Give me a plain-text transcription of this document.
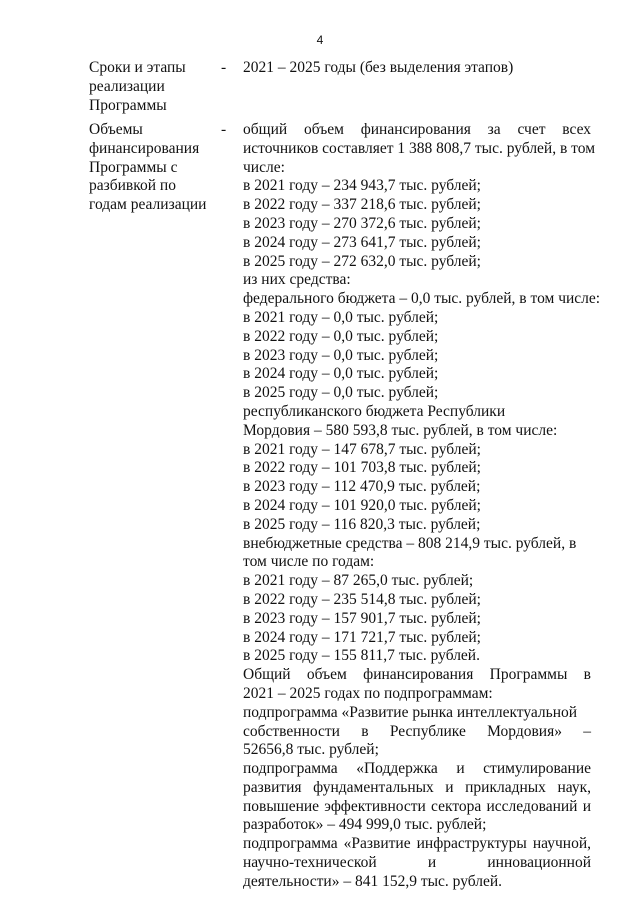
4
Сроки и этапы
реализации
Программы
- 2021 – 2025 годы (без выделения этапов)
Объемы
финансирования
Программы с
разбивкой по
годам реализации
- общий объем финансирования за счет всех
источников составляет 1 388 808,7 тыс. рублей, в том
числе:
в 2021 году – 234 943,7 тыс. рублей;
в 2022 году – 337 218,6 тыс. рублей;
в 2023 году – 270 372,6 тыс. рублей;
в 2024 году – 273 641,7 тыс. рублей;
в 2025 году – 272 632,0 тыс. рублей;
из них средства:
федерального бюджета – 0,0 тыс. рублей, в том числе:
в 2021 году – 0,0 тыс. рублей;
в 2022 году – 0,0 тыс. рублей;
в 2023 году – 0,0 тыс. рублей;
в 2024 году – 0,0 тыс. рублей;
в 2025 году – 0,0 тыс. рублей;
республиканского бюджета Республики
Мордовия – 580 593,8 тыс. рублей, в том числе:
в 2021 году – 147 678,7 тыс. рублей;
в 2022 году – 101 703,8 тыс. рублей;
в 2023 году – 112 470,9 тыс. рублей;
в 2024 году – 101 920,0 тыс. рублей;
в 2025 году – 116 820,3 тыс. рублей;
внебюджетные средства – 808 214,9 тыс. рублей, в
том числе по годам:
в 2021 году – 87 265,0 тыс. рублей;
в 2022 году – 235 514,8 тыс. рублей;
в 2023 году – 157 901,7 тыс. рублей;
в 2024 году – 171 721,7 тыс. рублей;
в 2025 году – 155 811,7 тыс. рублей.
Общий объем финансирования Программы в
2021 – 2025 годах по подпрограммам:
подпрограмма «Развитие рынка интеллектуальной
собственности в Республике Мордовия» –
52656,8 тыс. рублей;
подпрограмма «Поддержка и стимулирование
развития фундаментальных и прикладных наук,
повышение эффективности сектора исследований и
разработок» – 494 999,0 тыс. рублей;
подпрограмма «Развитие инфраструктуры научной,
научно-технической и инновационной
деятельности» – 841 152,9 тыс. рублей.
